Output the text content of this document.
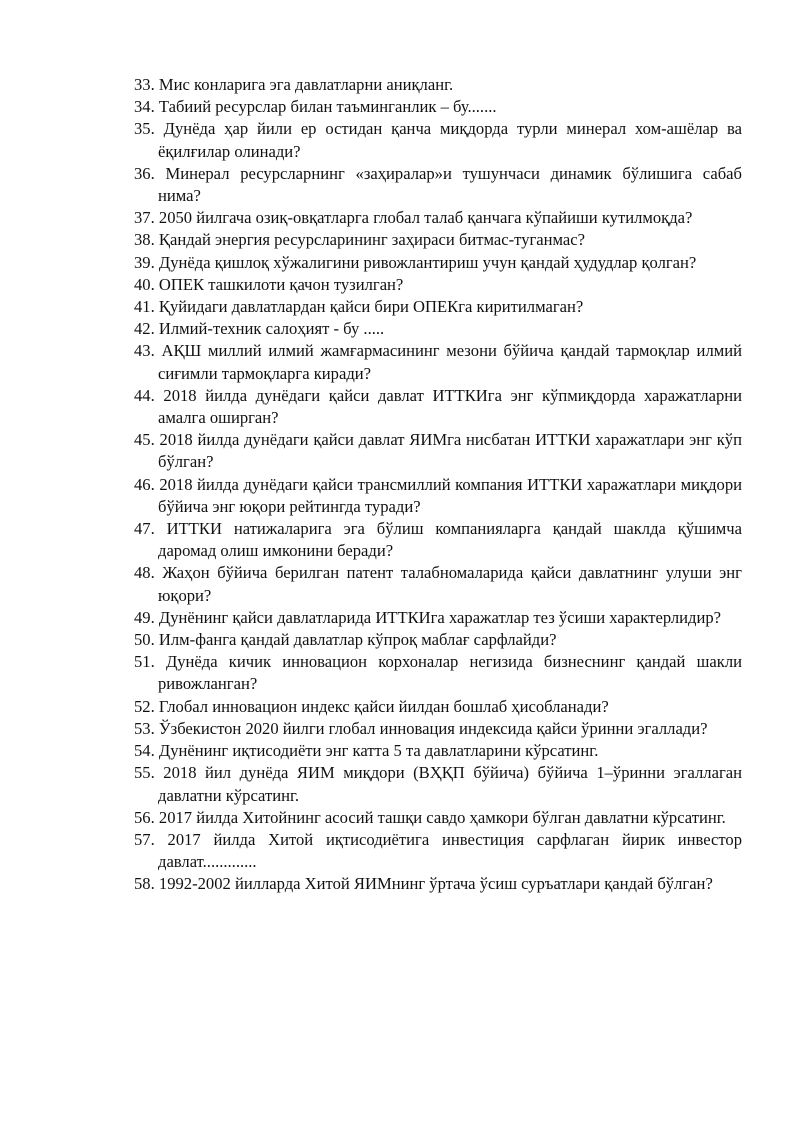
33. Мис конларига эга давлатларни аниқланг.
34. Табиий ресурслар билан таъминганлик – бу.......
35. Дунёда ҳар йили ер остидан қанча миқдорда турли минерал хом-ашёлар ва ёқилғилар олинади?
36. Минерал ресурсларнинг «заҳиралар»и тушунчаси динамик бўлишига сабаб нима?
37. 2050 йилгача озиқ-овқатларга глобал талаб қанчага кўпайиши кутилмоқда?
38. Қандай энергия ресурсларининг заҳираси битмас-туганмас?
39. Дунёда қишлоқ хўжалигини ривожлантириш учун қандай ҳудудлар қолган?
40. ОПЕК ташкилоти қачон тузилган?
41. Қуйидаги давлатлардан қайси бири ОПЕКга киритилмаган?
42. Илмий-техник салоҳият - бу .....
43. АҚШ миллий илмий жамғармасининг мезони бўйича қандай тармоқлар илмий сиғимли тармоқларга киради?
44. 2018 йилда дунёдаги қайси давлат ИТТКИга энг кўпмиқдорда харажатларни амалга оширган?
45. 2018 йилда дунёдаги қайси давлат ЯИМга нисбатан ИТТКИ харажатлари энг кўп бўлган?
46. 2018 йилда дунёдаги қайси трансмиллий компания ИТТКИ харажатлари миқдори бўйича энг юқори рейтингда туради?
47. ИТТКИ натижаларига эга бўлиш компанияларга қандай шаклда қўшимча даромад олиш имконини беради?
48. Жаҳон бўйича берилган патент талабномаларида қайси давлатнинг улуши энг юқори?
49. Дунёнинг қайси давлатларида ИТТКИга харажатлар тез ўсиши характерлидир?
50. Илм-фанга қандай давлатлар кўпроқ маблағ сарфлайди?
51. Дунёда кичик инновацион корхоналар негизида бизнеснинг қандай шакли ривожланган?
52. Глобал инновацион индекс қайси йилдан бошлаб ҳисобланади?
53. Ўзбекистон 2020 йилги глобал инновация индексида қайси ўринни эгаллади?
54. Дунёнинг иқтисодиёти энг катта 5 та давлатларини кўрсатинг.
55. 2018 йил дунёда ЯИМ миқдори (ВҲҚП бўйича) бўйича 1–ўринни эгаллаган давлатни кўрсатинг.
56. 2017 йилда Хитойнинг асосий ташқи савдо ҳамкори бўлган давлатни кўрсатинг.
57. 2017 йилда Хитой иқтисодиётига инвестиция сарфлаган йирик инвестор давлат.............
58. 1992-2002 йилларда Хитой ЯИМнинг ўртача ўсиш суръатлари қандай бўлган?
